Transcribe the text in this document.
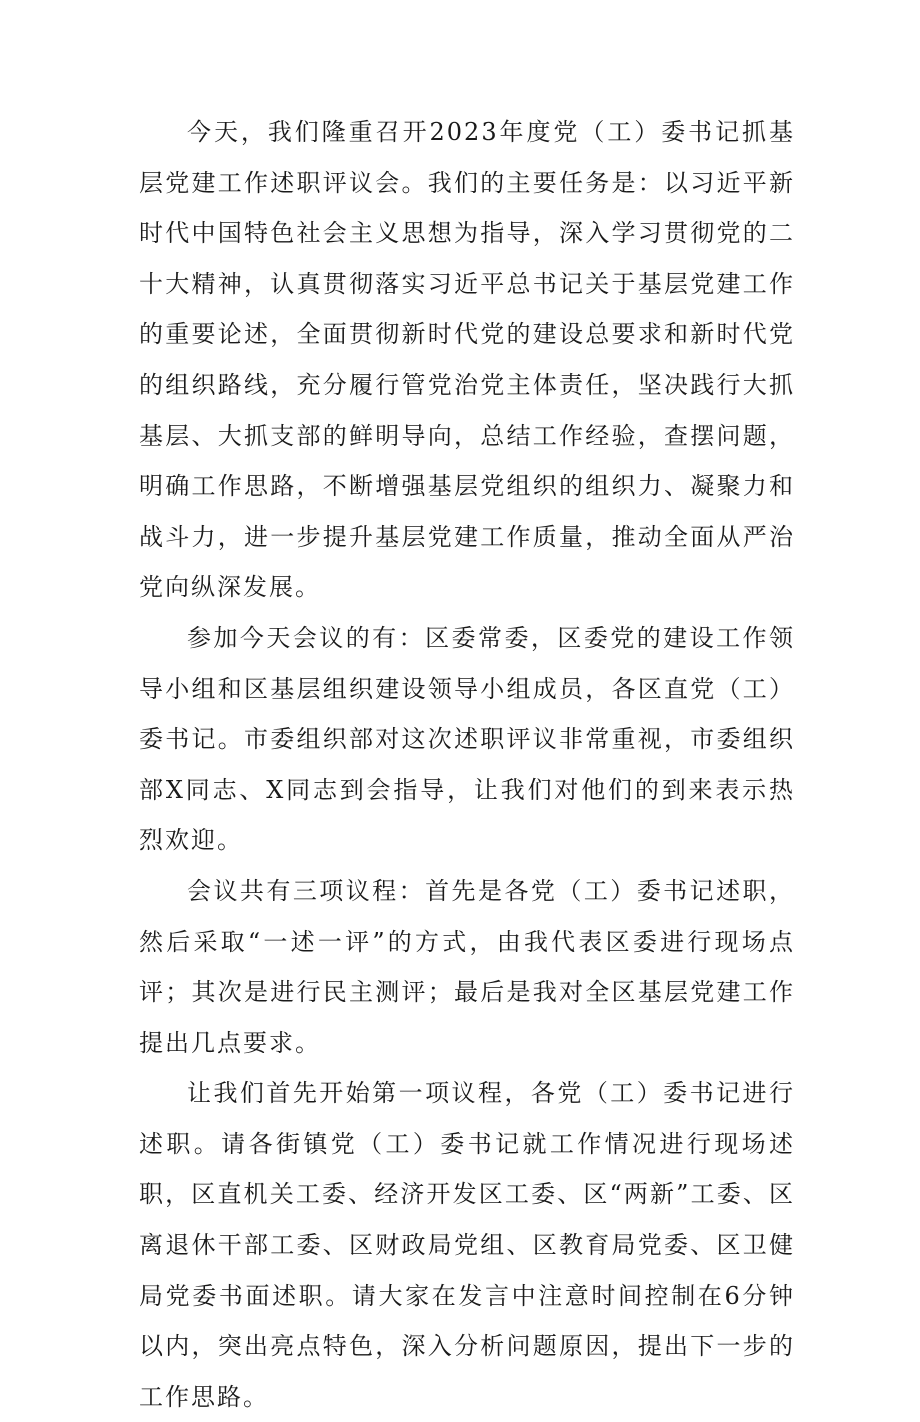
今天，我们隆重召开2023年度党（工）委书记抓基层党建工作述职评议会。我们的主要任务是：以习近平新时代中国特色社会主义思想为指导，深入学习贯彻党的二十大精神，认真贯彻落实习近平总书记关于基层党建工作的重要论述，全面贯彻新时代党的建设总要求和新时代党的组织路线，充分履行管党治党主体责任，坚决践行大抓基层、大抓支部的鲜明导向，总结工作经验，查摆问题，明确工作思路，不断增强基层党组织的组织力、凝聚力和战斗力，进一步提升基层党建工作质量，推动全面从严治党向纵深发展。

参加今天会议的有：区委常委，区委党的建设工作领导小组和区基层组织建设领导小组成员，各区直党（工）委书记。市委组织部对这次述职评议非常重视，市委组织部X同志、X同志到会指导，让我们对他们的到来表示热烈欢迎。

会议共有三项议程：首先是各党（工）委书记述职，然后采取“一述一评”的方式，由我代表区委进行现场点评；其次是进行民主测评；最后是我对全区基层党建工作提出几点要求。

让我们首先开始第一项议程，各党（工）委书记进行述职。请各街镇党（工）委书记就工作情况进行现场述职，区直机关工委、经济开发区工委、区“两新”工委、区离退休干部工委、区财政局党组、区教育局党委、区卫健局党委书面述职。请大家在发言中注意时间控制在6分钟以内，突出亮点特色，深入分析问题原因，提出下一步的工作思路。
